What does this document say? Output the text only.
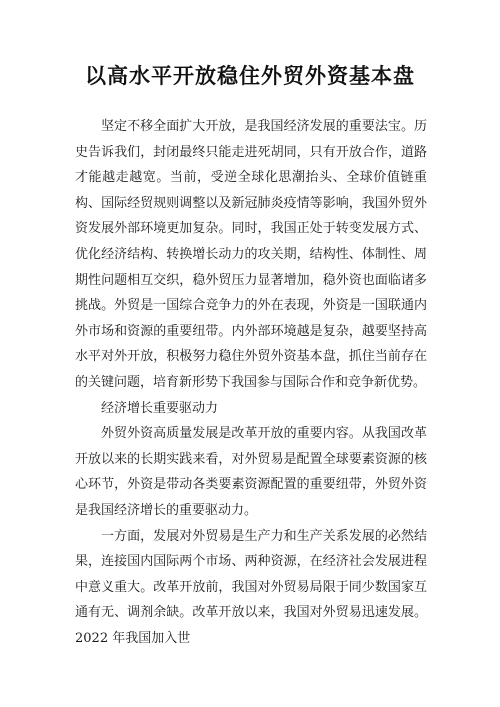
以高水平开放稳住外贸外资基本盘

坚定不移全面扩大开放，是我国经济发展的重要法宝。历史告诉我们，封闭最终只能走进死胡同，只有开放合作，道路才能越走越宽。当前，受逆全球化思潮抬头、全球价值链重构、国际经贸规则调整以及新冠肺炎疫情等影响，我国外贸外资发展外部环境更加复杂。同时，我国正处于转变发展方式、优化经济结构、转换增长动力的攻关期，结构性、体制性、周期性问题相互交织，稳外贸压力显著增加，稳外资也面临诸多挑战。外贸是一国综合竞争力的外在表现，外资是一国联通内外市场和资源的重要纽带。内外部环境越是复杂，越要坚持高水平对外开放，积极努力稳住外贸外资基本盘，抓住当前存在的关键问题，培育新形势下我国参与国际合作和竞争新优势。

经济增长重要驱动力

外贸外资高质量发展是改革开放的重要内容。从我国改革开放以来的长期实践来看，对外贸易是配置全球要素资源的核心环节，外资是带动各类要素资源配置的重要纽带，外贸外资是我国经济增长的重要驱动力。

一方面，发展对外贸易是生产力和生产关系发展的必然结果，连接国内国际两个市场、两种资源，在经济社会发展进程中意义重大。改革开放前，我国对外贸易局限于同少数国家互通有无、调剂余缺。改革开放以来，我国对外贸易迅速发展。2022 年我国加入世
